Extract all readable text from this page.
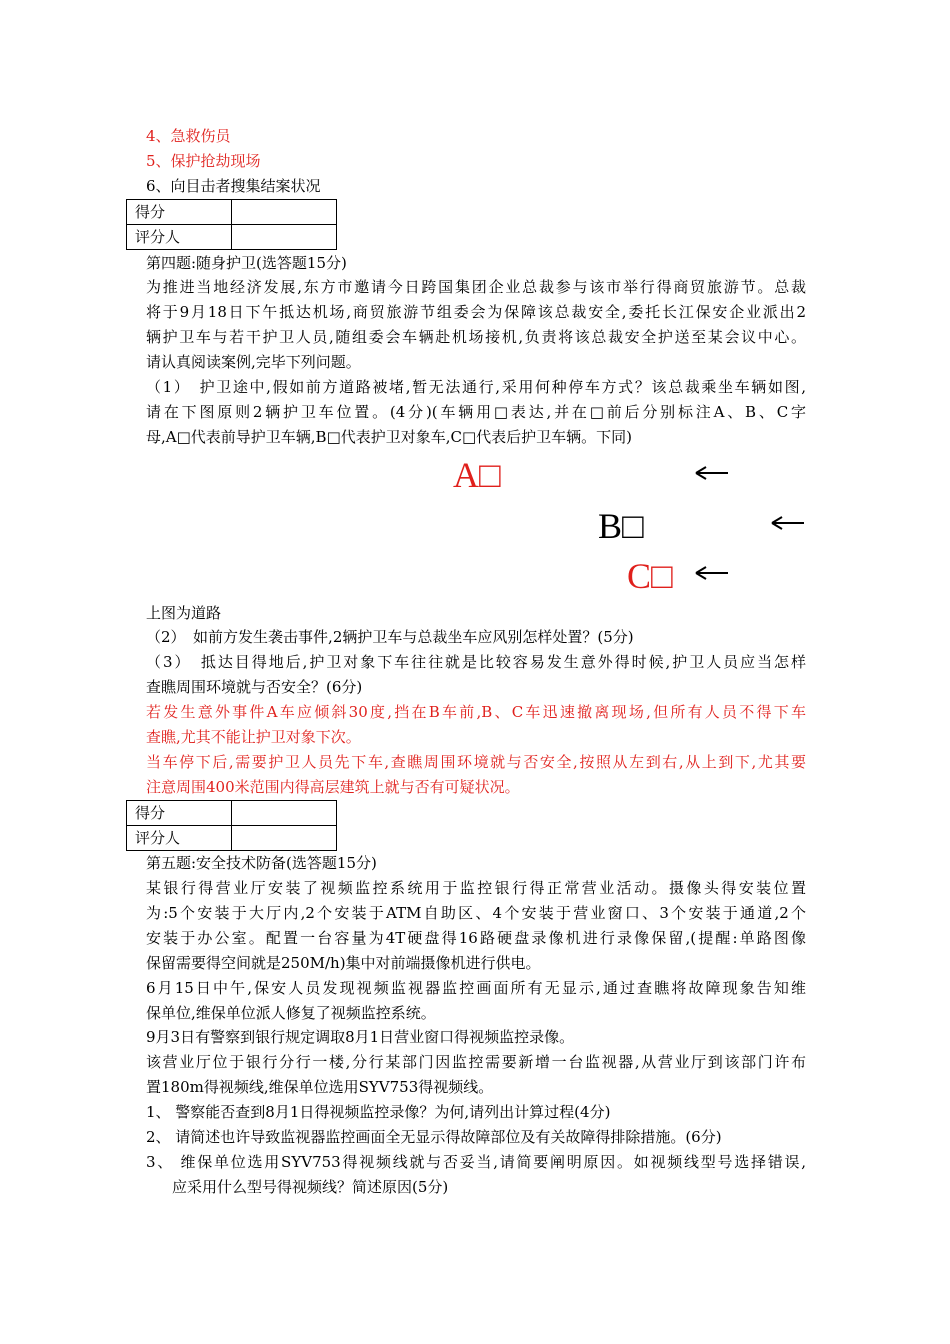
4、急救伤员
5、保护抢劫现场
6、向目击者搜集结案状况
得分	
评分人	
第四题:随身护卫(选答题15分)
为推进当地经济发展,东方市邀请今日跨国集团企业总裁参与该市举行得商贸旅游节。总裁
将于9月18日下午抵达机场,商贸旅游节组委会为保障该总裁安全,委托长江保安企业派出2
辆护卫车与若干护卫人员,随组委会车辆赴机场接机,负责将该总裁安全护送至某会议中心。
请认真阅读案例,完毕下列问题。
（1）　护卫途中,假如前方道路被堵,暂无法通行,采用何种停车方式？该总裁乘坐车辆如图,
请在下图原则2辆护卫车位置。(4分)(车辆用□表达,并在□前后分别标注A、B、C字
母,A□代表前导护卫车辆,B□代表护卫对象车,C□代表后护卫车辆。下同)
A□
B□
C□
上图为道路
（2）　如前方发生袭击事件,2辆护卫车与总裁坐车应风别怎样处置？(5分)
（3）　抵达目得地后,护卫对象下车往往就是比较容易发生意外得时候,护卫人员应当怎样
查瞧周围环境就与否安全？(6分)
若发生意外事件A车应倾斜30度,挡在B车前,B、C车迅速撤离现场,但所有人员不得下车
查瞧,尤其不能让护卫对象下次。
当车停下后,需要护卫人员先下车,查瞧周围环境就与否安全,按照从左到右,从上到下,尤其要
注意周围400米范围内得高层建筑上就与否有可疑状况。
得分	
评分人	
第五题:安全技术防备(选答题15分)
某银行得营业厅安装了视频监控系统用于监控银行得正常营业活动。摄像头得安装位置
为:5个安装于大厅内,2个安装于ATM自助区、4个安装于营业窗口、3个安装于通道,2个
安装于办公室。配置一台容量为4T硬盘得16路硬盘录像机进行录像保留,(提醒:单路图像
保留需要得空间就是250M/h)集中对前端摄像机进行供电。
6月15日中午,保安人员发现视频监视器监控画面所有无显示,通过查瞧将故障现象告知维
保单位,维保单位派人修复了视频监控系统。
9月3日有警察到银行规定调取8月1日营业窗口得视频监控录像。
该营业厅位于银行分行一楼,分行某部门因监控需要新增一台监视器,从营业厅到该部门许布
置180m得视频线,维保单位选用SYV753得视频线。
1、 警察能否查到8月1日得视频监控录像？为何,请列出计算过程(4分)
2、 请简述也许导致监视器监控画面全无显示得故障部位及有关故障得排除措施。(6分)
3、 维保单位选用SYV753得视频线就与否妥当,请简要阐明原因。如视频线型号选择错误,
应采用什么型号得视频线？简述原因(5分)
